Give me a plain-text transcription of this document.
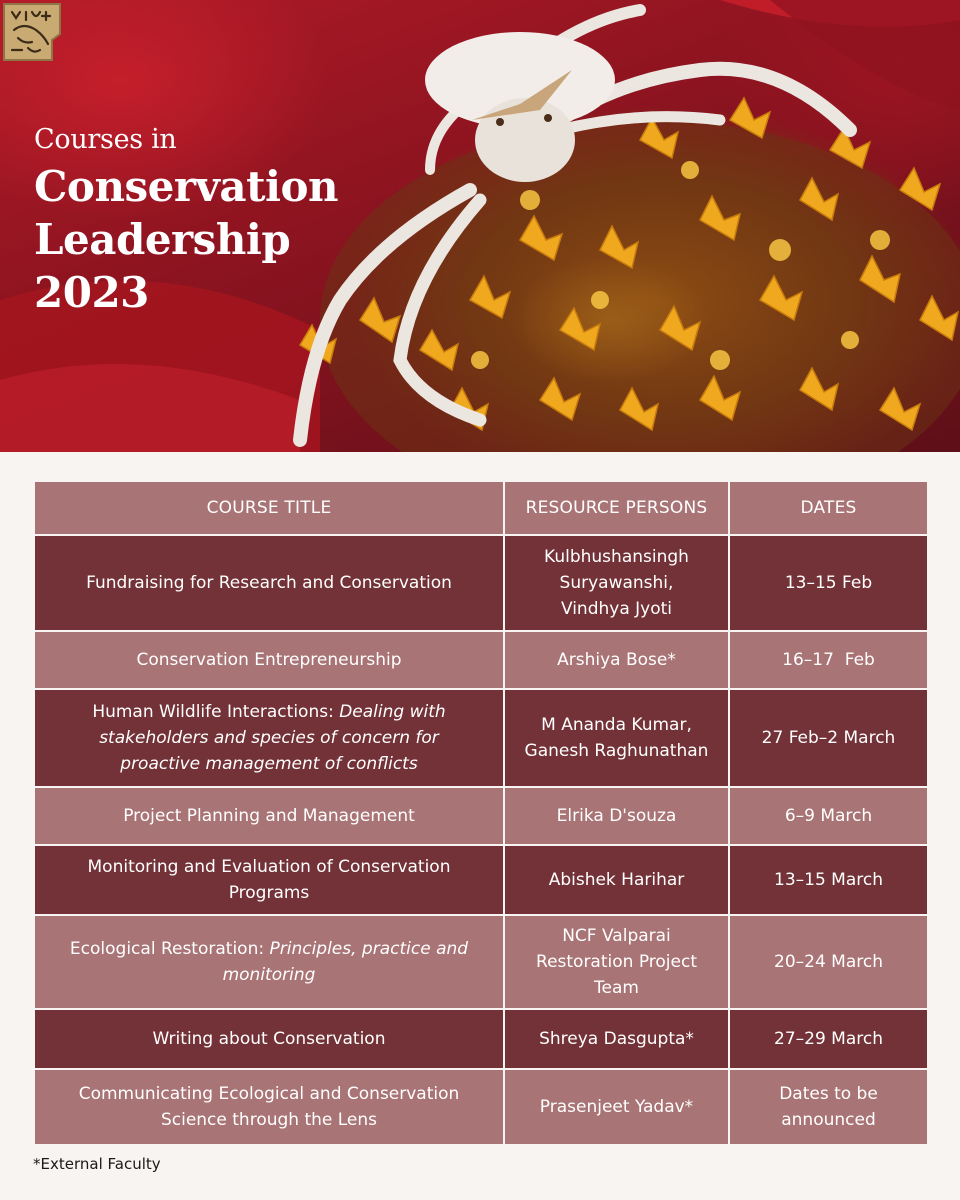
Courses in
Conservation
Leadership
2023
COURSE TITLE	RESOURCE PERSONS	DATES
Fundraising for Research and Conservation	Kulbhushansingh Suryawanshi, Vindhya Jyoti	13–15 Feb
Conservation Entrepreneurship	Arshiya Bose*	16–17  Feb
Human Wildlife Interactions: Dealing with stakeholders and species of concern for proactive management of conflicts	M Ananda Kumar, Ganesh Raghunathan	27 Feb–2 March
Project Planning and Management	Elrika D'souza	6–9 March
Monitoring and Evaluation of Conservation Programs	Abishek Harihar	13–15 March
Ecological Restoration: Principles, practice and monitoring	NCF Valparai Restoration Project Team	20–24 March
Writing about Conservation	Shreya Dasgupta*	27–29 March
Communicating Ecological and Conservation Science through the Lens	Prasenjeet Yadav*	Dates to be announced

*External Faculty
